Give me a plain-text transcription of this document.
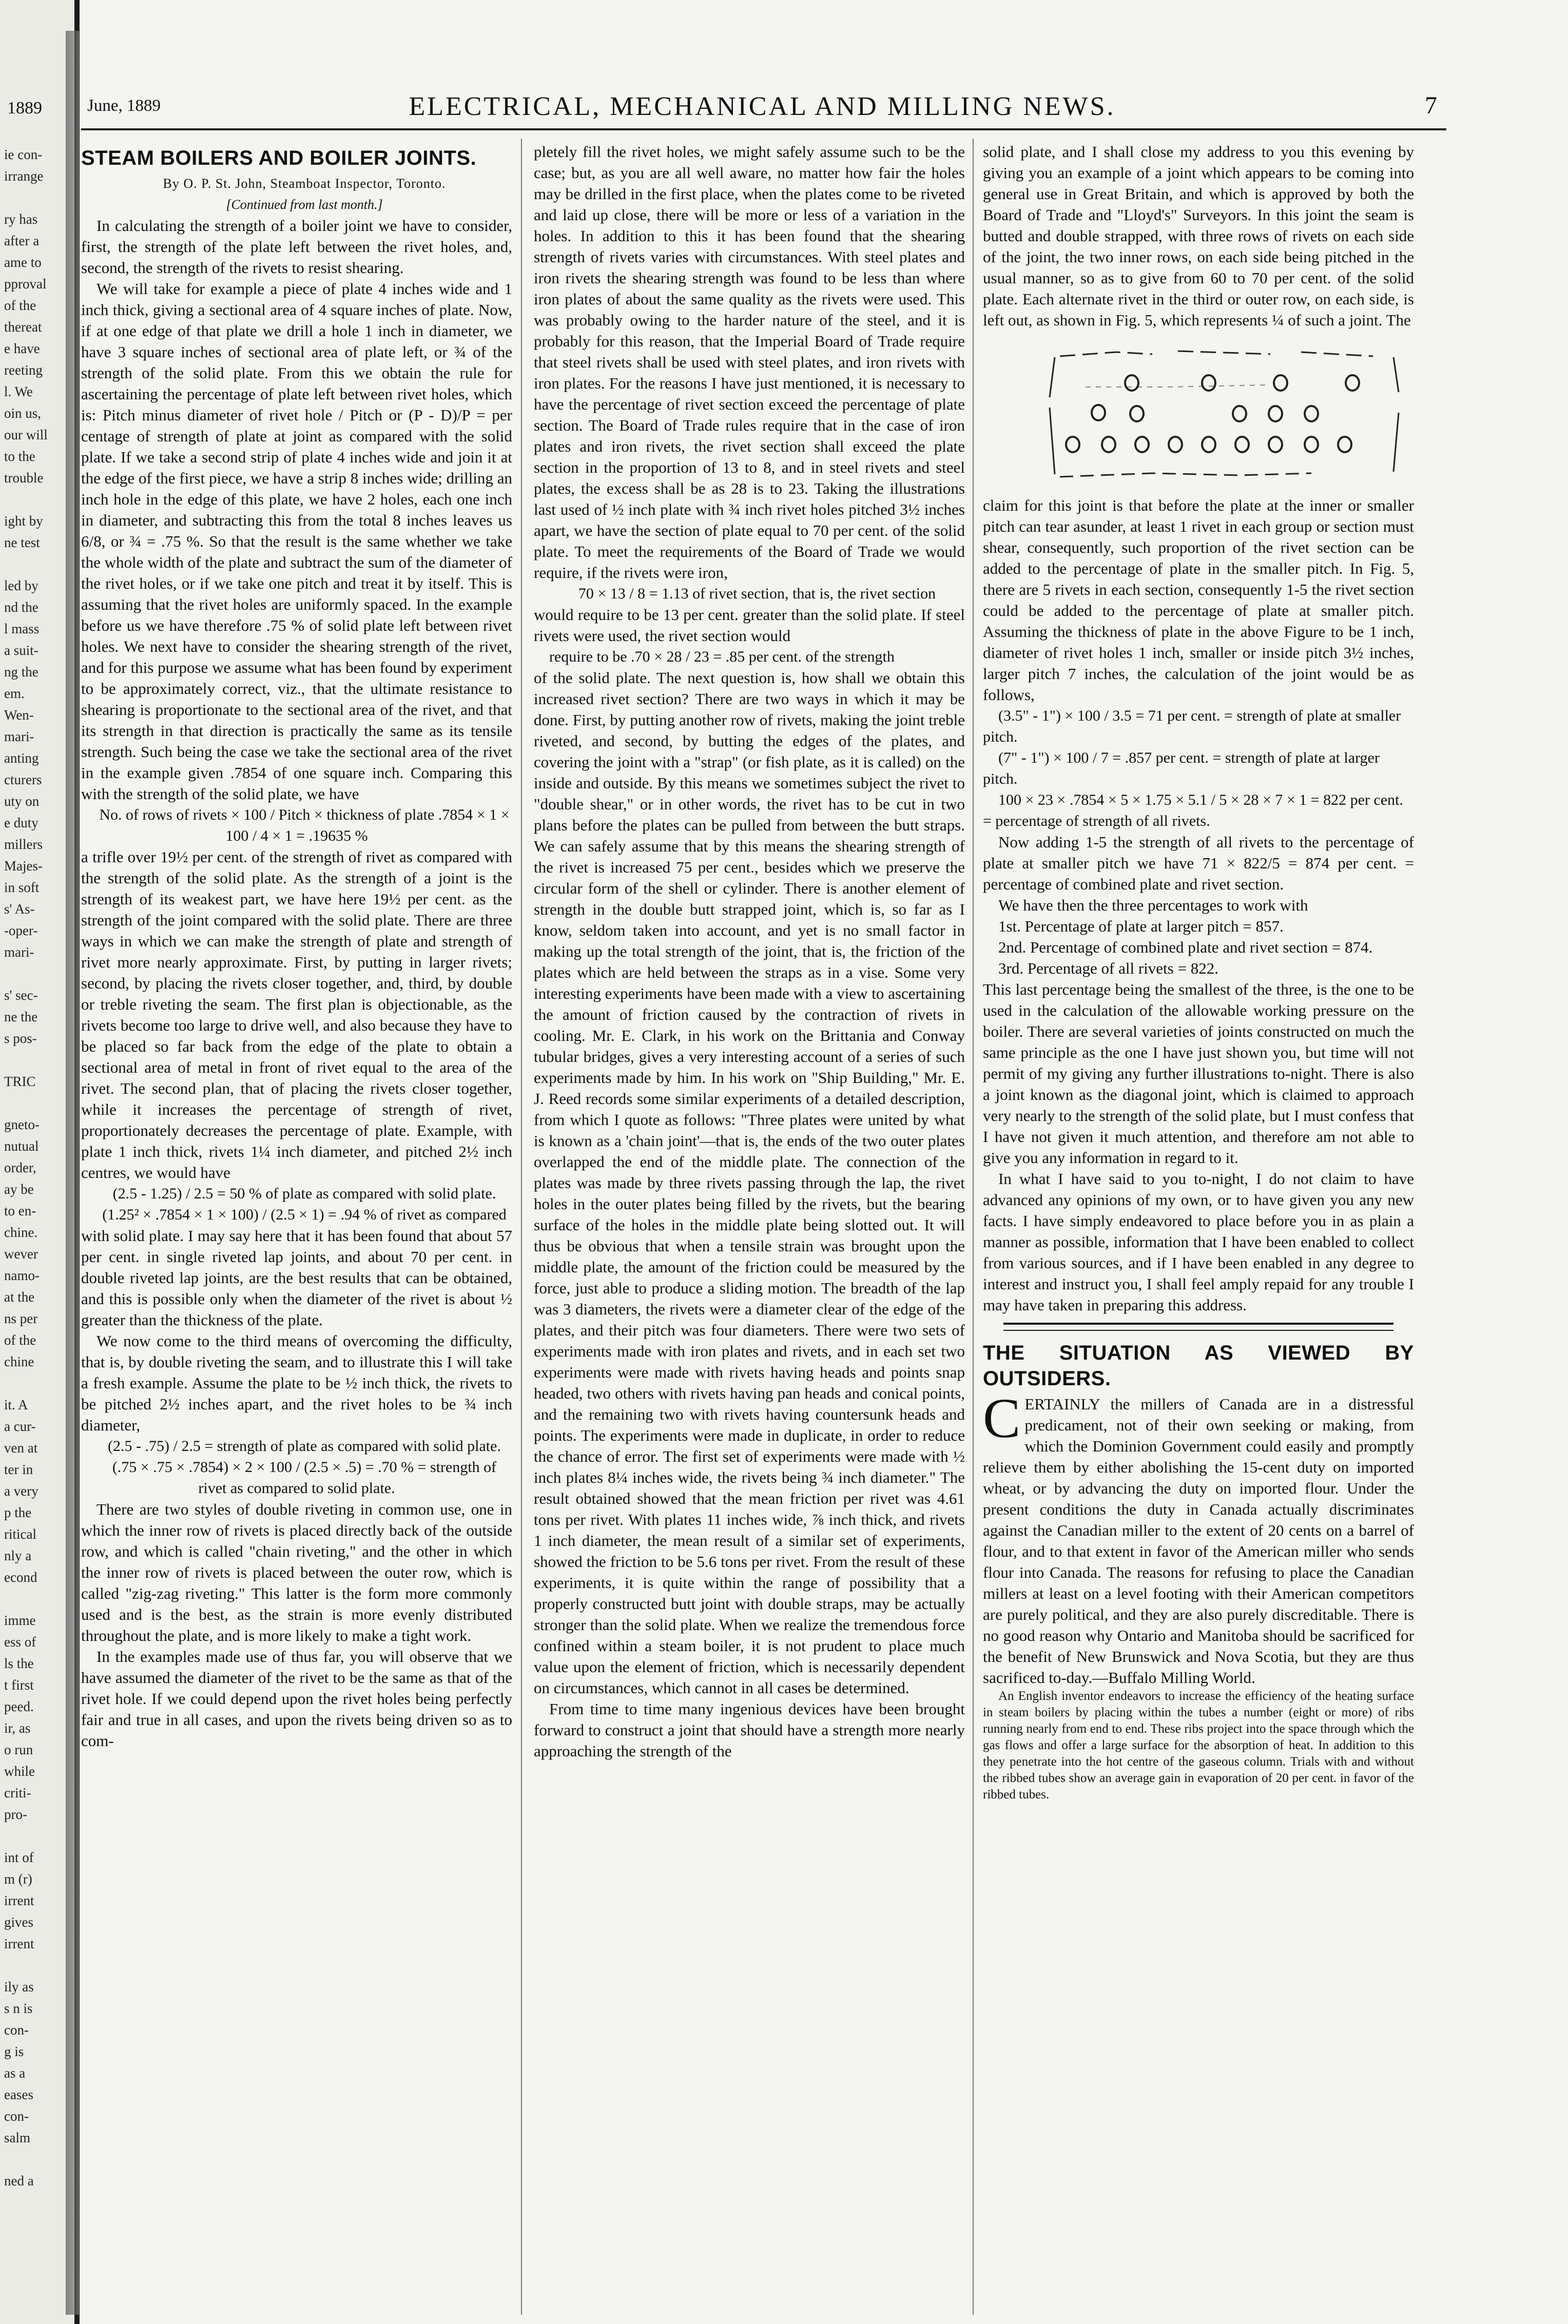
1889
ie con-
irrange
ry has
after a
ame to
pproval
of the
thereat
e have
reeting
l. We
oin us,
our will
to the
trouble
ight by
ne test
led by
nd the
l mass
a suit-
ng the
em.
Wen-
mari-
anting
cturers
uty on
e duty
millers
Majes-
in soft
s' As-
-oper-
mari-
s' sec-
ne the
s pos-
TRIC
gneto-
nutual
order,
ay be
to en-
chine.
wever
namo-
at the
ns per
of the
chine
it. A
a cur-
ven at
ter in
a very
p the
ritical
nly a
econd
imme
ess of
ls the
t first
peed.
ir, as
o run
while
criti-
pro-
int of
m (r)
irrent
gives
irrent
ily as
s n is
con-
g is
as a
eases
con-
salm
ned a
June, 1889	ELECTRICAL, MECHANICAL AND MILLING NEWS.	7
STEAM BOILERS AND BOILER JOINTS.

By O. P. St. John, Steamboat Inspector, Toronto.

[Continued from last month.]

In calculating the strength of a boiler joint we have to consider, first, the strength of the plate left between the rivet holes, and, second, the strength of the rivets to resist shearing.

We will take for example a piece of plate 4 inches wide and 1 inch thick, giving a sectional area of 4 square inches of plate. Now, if at one edge of that plate we drill a hole 1 inch in diameter, we have 3 square inches of sectional area of plate left, or ¾ of the strength of the solid plate. From this we obtain the rule for ascertaining the percentage of plate left between rivet holes, which is: Pitch minus diameter of rivet hole / Pitch or (P - D)/P = per centage of strength of plate at joint as compared with the solid plate. If we take a second strip of plate 4 inches wide and join it at the edge of the first piece, we have a strip 8 inches wide; drilling an inch hole in the edge of this plate, we have 2 holes, each one inch in diameter, and subtracting this from the total 8 inches leaves us 6/8, or ¾ = .75 %. So that the result is the same whether we take the whole width of the plate and subtract the sum of the diameter of the rivet holes, or if we take one pitch and treat it by itself. This is assuming that the rivet holes are uniformly spaced. In the example before us we have therefore .75 % of solid plate left between rivet holes. We next have to consider the shearing strength of the rivet, and for this purpose we assume what has been found by experiment to be approximately correct, viz., that the ultimate resistance to shearing is proportionate to the sectional area of the rivet, and that its strength in that direction is practically the same as its tensile strength. Such being the case we take the sectional area of the rivet in the example given .7854 of one square inch. Comparing this with the strength of the solid plate, we have

No. of rows of rivets × 100 / Pitch × thickness of plate .7854 × 1 × 100 / 4 × 1 = .19635 %

a trifle over 19½ per cent. of the strength of rivet as compared with the strength of the solid plate. As the strength of a joint is the strength of its weakest part, we have here 19½ per cent. as the strength of the joint compared with the solid plate. There are three ways in which we can make the strength of plate and strength of rivet more nearly approximate. First, by putting in larger rivets; second, by placing the rivets closer together, and, third, by double or treble riveting the seam. The first plan is objectionable, as the rivets become too large to drive well, and also because they have to be placed so far back from the edge of the plate to obtain a sectional area of metal in front of rivet equal to the area of the rivet. The second plan, that of placing the rivets closer together, while it increases the percentage of strength of rivet, proportionately decreases the percentage of plate. Example, with plate 1 inch thick, rivets 1¼ inch diameter, and pitched 2½ inch centres, we would have

(2.5 - 1.25) / 2.5 = 50 % of plate as compared with solid plate.

(1.25² × .7854 × 1 × 100) / (2.5 × 1) = .94 % of rivet as compared

with solid plate. I may say here that it has been found that about 57 per cent. in single riveted lap joints, and about 70 per cent. in double riveted lap joints, are the best results that can be obtained, and this is possible only when the diameter of the rivet is about ½ greater than the thickness of the plate.

We now come to the third means of overcoming the difficulty, that is, by double riveting the seam, and to illustrate this I will take a fresh example. Assume the plate to be ½ inch thick, the rivets to be pitched 2½ inches apart, and the rivet holes to be ¾ inch diameter,

(2.5 - .75) / 2.5 = strength of plate as compared with solid plate.

(.75 × .75 × .7854) × 2 × 100 / (2.5 × .5) = .70 % = strength of rivet as compared to solid plate.

There are two styles of double riveting in common use, one in which the inner row of rivets is placed directly back of the outside row, and which is called "chain riveting," and the other in which the inner row of rivets is placed between the outer row, which is called "zig-zag riveting." This latter is the form more commonly used and is the best, as the strain is more evenly distributed throughout the plate, and is more likely to make a tight work.

In the examples made use of thus far, you will observe that we have assumed the diameter of the rivet to be the same as that of the rivet hole. If we could depend upon the rivet holes being perfectly fair and true in all cases, and upon the rivets being driven so as to com-

pletely fill the rivet holes, we might safely assume such to be the case; but, as you are all well aware, no matter how fair the holes may be drilled in the first place, when the plates come to be riveted and laid up close, there will be more or less of a variation in the holes. In addition to this it has been found that the shearing strength of rivets varies with circumstances. With steel plates and iron rivets the shearing strength was found to be less than where iron plates of about the same quality as the rivets were used. This was probably owing to the harder nature of the steel, and it is probably for this reason, that the Imperial Board of Trade require that steel rivets shall be used with steel plates, and iron rivets with iron plates. For the reasons I have just mentioned, it is necessary to have the percentage of rivet section exceed the percentage of plate section. The Board of Trade rules require that in the case of iron plates and iron rivets, the rivet section shall exceed the plate section in the proportion of 13 to 8, and in steel rivets and steel plates, the excess shall be as 28 is to 23. Taking the illustrations last used of ½ inch plate with ¾ inch rivet holes pitched 3½ inches apart, we have the section of plate equal to 70 per cent. of the solid plate. To meet the requirements of the Board of Trade we would require, if the rivets were iron,

70 × 13 / 8 = 1.13 of rivet section, that is, the rivet section

would require to be 13 per cent. greater than the solid plate. If steel rivets were used, the rivet section would

require to be .70 × 28 / 23 = .85 per cent. of the strength

of the solid plate. The next question is, how shall we obtain this increased rivet section? There are two ways in which it may be done. First, by putting another row of rivets, making the joint treble riveted, and second, by butting the edges of the plates, and covering the joint with a "strap" (or fish plate, as it is called) on the inside and outside. By this means we sometimes subject the rivet to "double shear," or in other words, the rivet has to be cut in two plans before the plates can be pulled from between the butt straps. We can safely assume that by this means the shearing strength of the rivet is increased 75 per cent., besides which we preserve the circular form of the shell or cylinder. There is another element of strength in the double butt strapped joint, which is, so far as I know, seldom taken into account, and yet is no small factor in making up the total strength of the joint, that is, the friction of the plates which are held between the straps as in a vise. Some very interesting experiments have been made with a view to ascertaining the amount of friction caused by the contraction of rivets in cooling. Mr. E. Clark, in his work on the Brittania and Conway tubular bridges, gives a very interesting account of a series of such experiments made by him. In his work on "Ship Building," Mr. E. J. Reed records some similar experiments of a detailed description, from which I quote as follows: "Three plates were united by what is known as a 'chain joint'—that is, the ends of the two outer plates overlapped the end of the middle plate. The connection of the plates was made by three rivets passing through the lap, the rivet holes in the outer plates being filled by the rivets, but the bearing surface of the holes in the middle plate being slotted out. It will thus be obvious that when a tensile strain was brought upon the middle plate, the amount of the friction could be measured by the force, just able to produce a sliding motion. The breadth of the lap was 3 diameters, the rivets were a diameter clear of the edge of the plates, and their pitch was four diameters. There were two sets of experiments made with iron plates and rivets, and in each set two experiments were made with rivets having heads and points snap headed, two others with rivets having pan heads and conical points, and the remaining two with rivets having countersunk heads and points. The experiments were made in duplicate, in order to reduce the chance of error. The first set of experiments were made with ½ inch plates 8¼ inches wide, the rivets being ¾ inch diameter." The result obtained showed that the mean friction per rivet was 4.61 tons per rivet. With plates 11 inches wide, ⅞ inch thick, and rivets 1 inch diameter, the mean result of a similar set of experiments, showed the friction to be 5.6 tons per rivet. From the result of these experiments, it is quite within the range of possibility that a properly constructed butt joint with double straps, may be actually stronger than the solid plate. When we realize the tremendous force confined within a steam boiler, it is not prudent to place much value upon the element of friction, which is necessarily dependent on circumstances, which cannot in all cases be determined.

From time to time many ingenious devices have been brought forward to construct a joint that should have a strength more nearly approaching the strength of the

solid plate, and I shall close my address to you this evening by giving you an example of a joint which appears to be coming into general use in Great Britain, and which is approved by both the Board of Trade and "Lloyd's" Surveyors. In this joint the seam is butted and double strapped, with three rows of rivets on each side of the joint, the two inner rows, on each side being pitched in the usual manner, so as to give from 60 to 70 per cent. of the solid plate. Each alternate rivet in the third or outer row, on each side, is left out, as shown in Fig. 5, which represents ¼ of such a joint. The

claim for this joint is that before the plate at the inner or smaller pitch can tear asunder, at least 1 rivet in each group or section must shear, consequently, such proportion of the rivet section can be added to the percentage of plate in the smaller pitch. In Fig. 5, there are 5 rivets in each section, consequently 1-5 the rivet section could be added to the percentage of plate at smaller pitch. Assuming the thickness of plate in the above Figure to be 1 inch, diameter of rivet holes 1 inch, smaller or inside pitch 3½ inches, larger pitch 7 inches, the calculation of the joint would be as follows,

(3.5" - 1") × 100 / 3.5 = 71 per cent. = strength of plate at smaller pitch.

(7" - 1") × 100 / 7 = .857 per cent. = strength of plate at larger pitch.

100 × 23 × .7854 × 5 × 1.75 × 5.1 / 5 × 28 × 7 × 1 = 822 per cent. = percentage of strength of all rivets.

Now adding 1-5 the strength of all rivets to the percentage of plate at smaller pitch we have 71 × 822/5 = 874 per cent. = percentage of combined plate and rivet section.

We have then the three percentages to work with

1st. Percentage of plate at larger pitch = 857.

2nd. Percentage of combined plate and rivet section = 874.

3rd. Percentage of all rivets = 822.

This last percentage being the smallest of the three, is the one to be used in the calculation of the allowable working pressure on the boiler. There are several varieties of joints constructed on much the same principle as the one I have just shown you, but time will not permit of my giving any further illustrations to-night. There is also a joint known as the diagonal joint, which is claimed to approach very nearly to the strength of the solid plate, but I must confess that I have not given it much attention, and therefore am not able to give you any information in regard to it.

In what I have said to you to-night, I do not claim to have advanced any opinions of my own, or to have given you any new facts. I have simply endeavored to place before you in as plain a manner as possible, information that I have been enabled to collect from various sources, and if I have been enabled in any degree to interest and instruct you, I shall feel amply repaid for any trouble I may have taken in preparing this address.

THE SITUATION AS VIEWED BY OUTSIDERS.

CERTAINLY the millers of Canada are in a distressful predicament, not of their own seeking or making, from which the Dominion Government could easily and promptly relieve them by either abolishing the 15-cent duty on imported wheat, or by advancing the duty on imported flour. Under the present conditions the duty in Canada actually discriminates against the Canadian miller to the extent of 20 cents on a barrel of flour, and to that extent in favor of the American miller who sends flour into Canada. The reasons for refusing to place the Canadian millers at least on a level footing with their American competitors are purely political, and they are also purely discreditable. There is no good reason why Ontario and Manitoba should be sacrificed for the benefit of New Brunswick and Nova Scotia, but they are thus sacrificed to-day.—Buffalo Milling World.

An English inventor endeavors to increase the efficiency of the heating surface in steam boilers by placing within the tubes a number (eight or more) of ribs running nearly from end to end. These ribs project into the space through which the gas flows and offer a large surface for the absorption of heat. In addition to this they penetrate into the hot centre of the gaseous column. Trials with and without the ribbed tubes show an average gain in evaporation of 20 per cent. in favor of the ribbed tubes.
